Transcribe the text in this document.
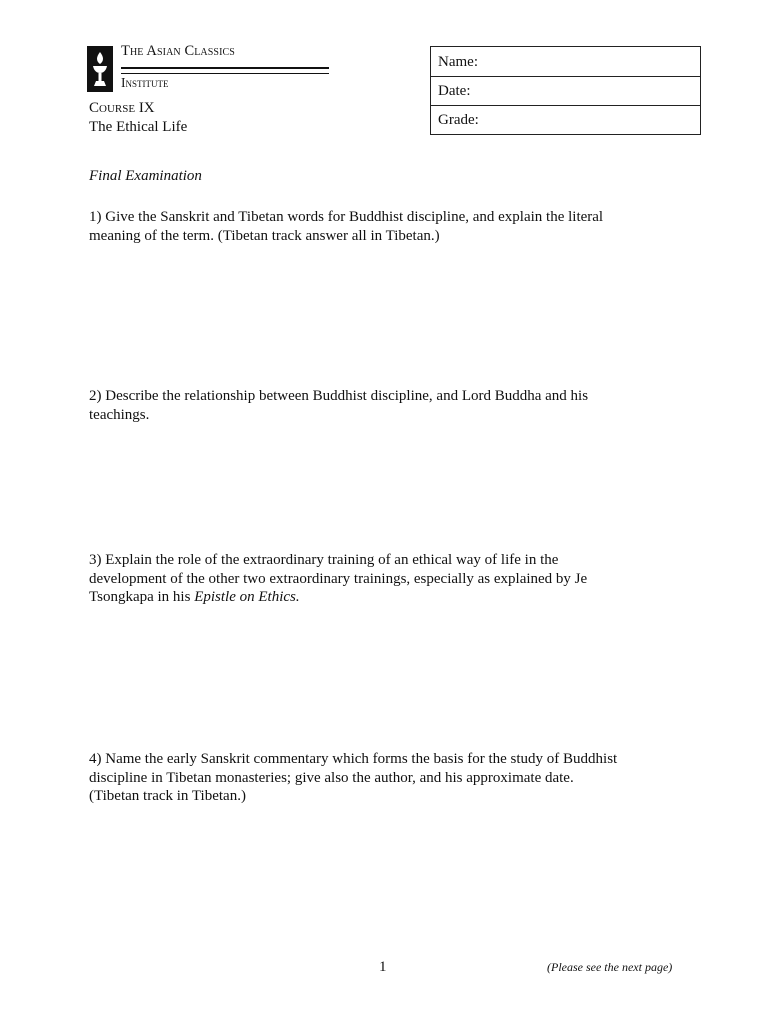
The Asian Classics
Institute
Course IX
The Ethical Life
Name:
Date:
Grade:
Final Examination
1) Give the Sanskrit and Tibetan words for Buddhist discipline, and explain the literal
meaning of the term. (Tibetan track answer all in Tibetan.)
2) Describe the relationship between Buddhist discipline, and Lord Buddha and his
teachings.
3) Explain the role of the extraordinary training of an ethical way of life in the
development of the other two extraordinary trainings, especially as explained by Je
Tsongkapa in his Epistle on Ethics.
4) Name the early Sanskrit commentary which forms the basis for the study of Buddhist
discipline in Tibetan monasteries; give also the author, and his approximate date.
(Tibetan track in Tibetan.)
1	(Please see the next page)
